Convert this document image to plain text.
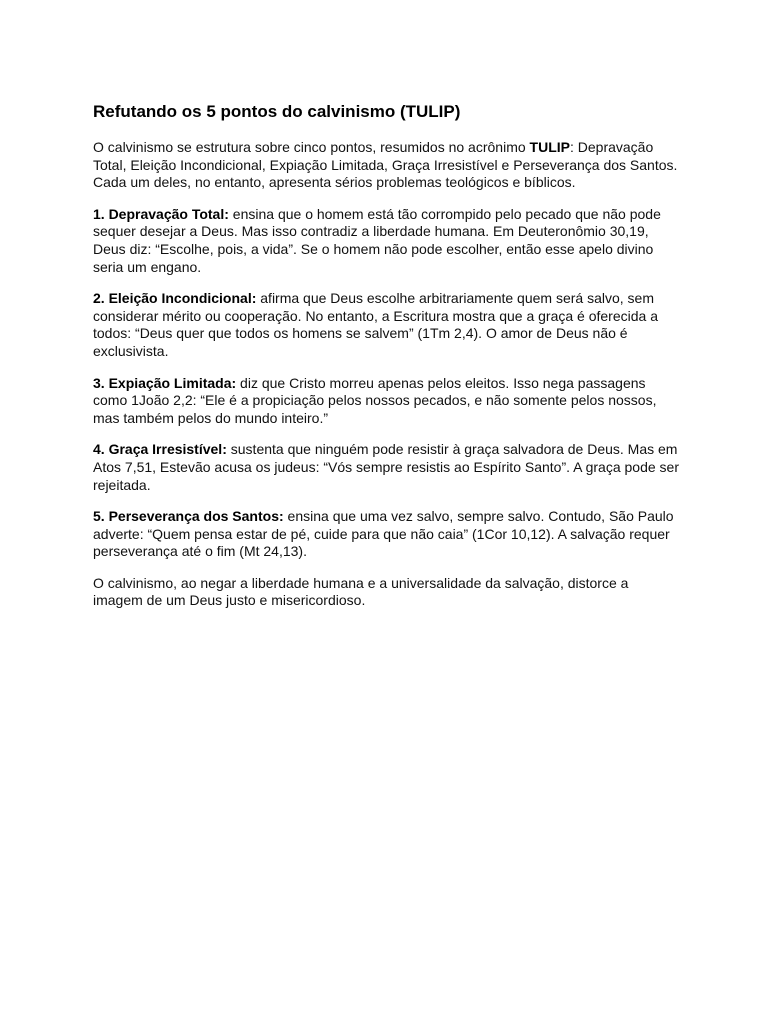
Refutando os 5 pontos do calvinismo (TULIP)

O calvinismo se estrutura sobre cinco pontos, resumidos no acrônimo TULIP: Depravação Total, Eleição Incondicional, Expiação Limitada, Graça Irresistível e Perseverança dos Santos. Cada um deles, no entanto, apresenta sérios problemas teológicos e bíblicos.

1. Depravação Total: ensina que o homem está tão corrompido pelo pecado que não pode sequer desejar a Deus. Mas isso contradiz a liberdade humana. Em Deuteronômio 30,19, Deus diz: “Escolhe, pois, a vida”. Se o homem não pode escolher, então esse apelo divino seria um engano.

2. Eleição Incondicional: afirma que Deus escolhe arbitrariamente quem será salvo, sem considerar mérito ou cooperação. No entanto, a Escritura mostra que a graça é oferecida a todos: “Deus quer que todos os homens se salvem” (1Tm 2,4). O amor de Deus não é exclusivista.

3. Expiação Limitada: diz que Cristo morreu apenas pelos eleitos. Isso nega passagens como 1João 2,2: “Ele é a propiciação pelos nossos pecados, e não somente pelos nossos, mas também pelos do mundo inteiro.”

4. Graça Irresistível: sustenta que ninguém pode resistir à graça salvadora de Deus. Mas em Atos 7,51, Estevão acusa os judeus: “Vós sempre resistis ao Espírito Santo”. A graça pode ser rejeitada.

5. Perseverança dos Santos: ensina que uma vez salvo, sempre salvo. Contudo, São Paulo adverte: “Quem pensa estar de pé, cuide para que não caia” (1Cor 10,12). A salvação requer perseverança até o fim (Mt 24,13).

O calvinismo, ao negar a liberdade humana e a universalidade da salvação, distorce a imagem de um Deus justo e misericordioso.
